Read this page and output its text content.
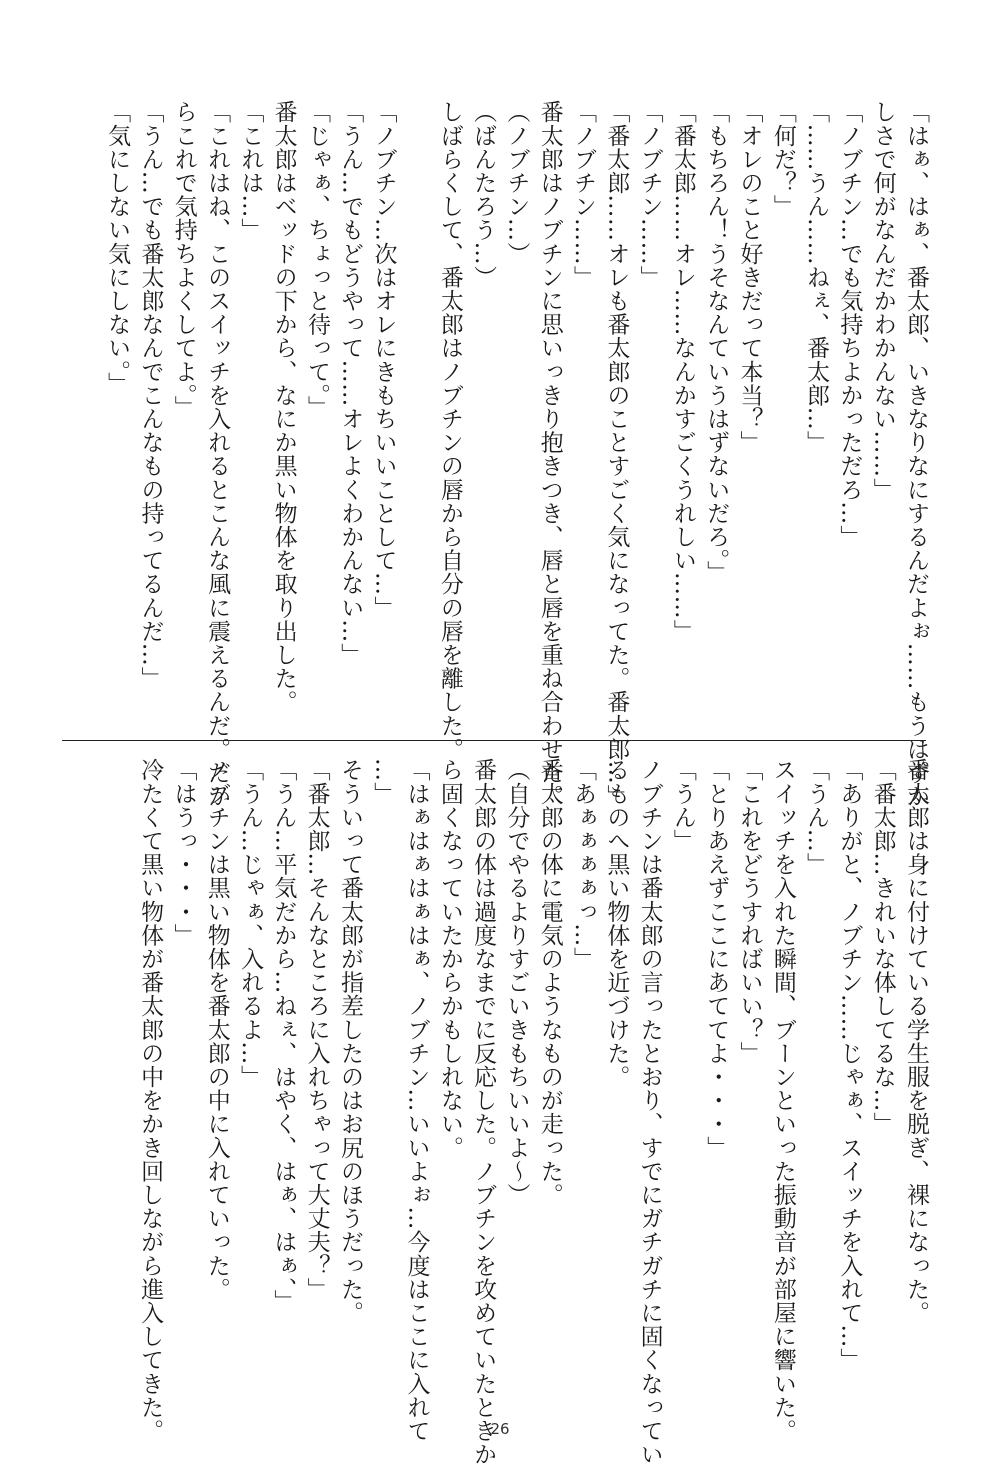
「はぁ、はぁ、番太郎、いきなりなにするんだよぉ……もうはずか

しさで何がなんだかわかんない……」

「ノブチン…でも気持ちよかっただろ…」

「……うん……ねぇ、番太郎…」

「何だ？」

「オレのこと好きだって本当？」

「もちろん！うそなんていうはずないだろ。」

「番太郎……オレ……なんかすごくうれしい……」

「ノブチン……」

「番太郎……オレも番太郎のことすごく気になってた。番太郎…」

「ノブチン……」

番太郎はノブチンに思いっきり抱きつき、唇と唇を重ね合わせた。

（ノブチン…）

（ばんたろう…）

しばらくして、番太郎はノブチンの唇から自分の唇を離した。

「ノブチン…次はオレにきもちいいことして…」

「うん…でもどうやって……オレよくわかんない…」

「じゃぁ、ちょっと待って。」

番太郎はベッドの下から、なにか黒い物体を取り出した。

「これは…」

「これはね、このスイッチを入れるとこんな風に震えるんだ。だか

らこれで気持ちよくしてよ。」

「うん…でも番太郎なんでこんなもの持ってるんだ…」

「気にしない気にしない。」

番太郎は身に付けている学生服を脱ぎ、裸になった。

「番太郎…きれいな体してるな…」

「ありがと、ノブチン……じゃぁ、スイッチを入れて…」

「うん…」

スイッチを入れた瞬間、ブーンといった振動音が部屋に響いた。

「これをどうすればいい？」

「とりあえずここにあててよ・・・」

「うん」

ノブチンは番太郎の言ったとおり、すでにガチガチに固くなってい

るものへ黒い物体を近づけた。

「あぁぁぁぁっ…」

番太郎の体に電気のようなものが走った。

（自分でやるよりすごいきもちいいよ～）

番太郎の体は過度なまでに反応した。ノブチンを攻めていたときか

ら固くなっていたからかもしれない。

「はぁはぁはぁはぁ、ノブチン…いいよぉ…今度はここに入れて

…」

そういって番太郎が指差したのはお尻のほうだった。

「番太郎…そんなところに入れちゃって大丈夫？」

「うん…平気だから…ねぇ、はやく、はぁ、はぁ、」

「うん…じゃぁ、入れるよ…」

ノブチンは黒い物体を番太郎の中に入れていった。

「はうっ・・・」

冷たくて黒い物体が番太郎の中をかき回しながら進入してきた。	26
